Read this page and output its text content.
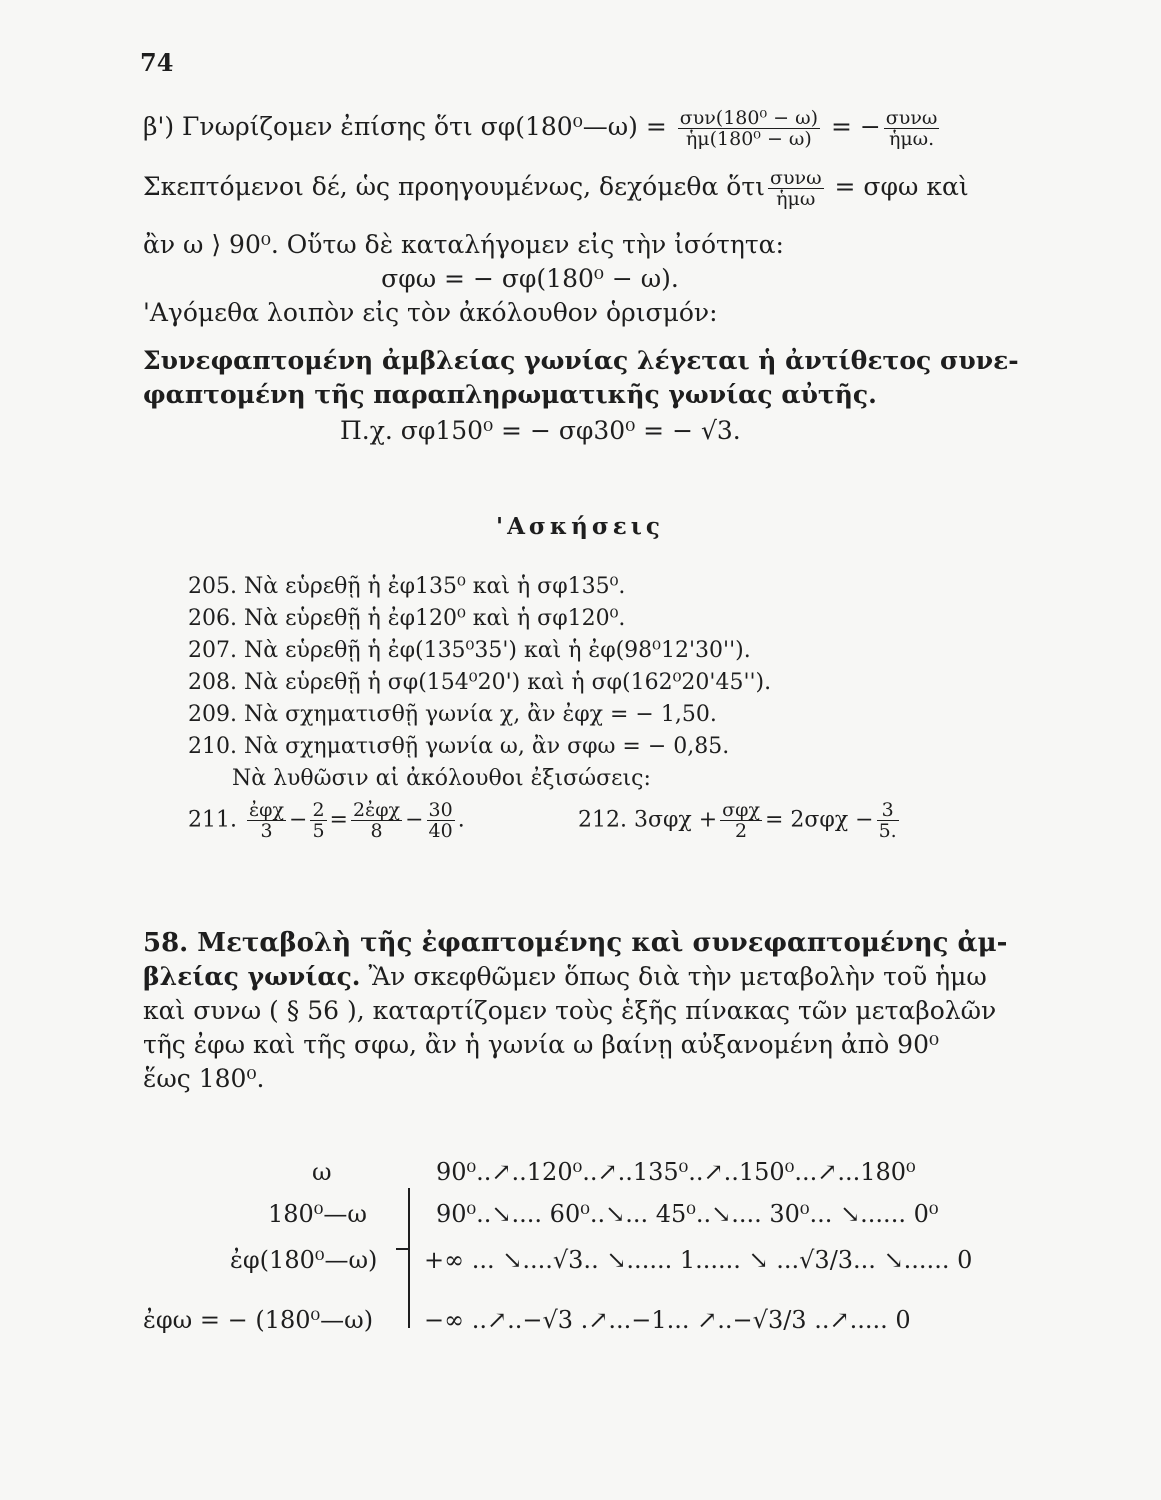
74
β') Γνωρίζομεν ἐπίσης ὅτι σφ(180⁰—ω) = $\frac{\text{συν(180⁰ − ω)}}{\text{ἡμ(180⁰ − ω)}}$ = − $\frac{\text{συνω}}{\text{ἡμω.}}$
Σκεπτόμενοι δέ, ὡς προηγουμένως, δεχόμεθα ὅτι $\frac{\text{συνω}}{\text{ἡμω}} = \sigma\varphi\omega$ καὶ
ἂν ω ⟩ 90⁰. Οὕτω δὲ καταλήγομεν εἰς τὴν ἰσότητα:
σφω = − σφ(180⁰ − ω).
'Αγόμεθα λοιπὸν εἰς τὸν ἀκόλουθον ὁρισμόν:
Συνεφαπτομένη ἀμβλείας γωνίας λέγεται ἡ ἀντίθετος συνε-
φαπτομένη τῆς παραπληρωματικῆς γωνίας αὐτῆς.
Π.χ. σφ150⁰ = − σφ30⁰ = − √3.
'Ασκήσεις
205. Νὰ εὑρεθῇ ἡ ἐφ135⁰ καὶ ἡ σφ135⁰.
206. Νὰ εὑρεθῇ ἡ ἐφ120⁰ καὶ ἡ σφ120⁰.
207. Νὰ εὑρεθῇ ἡ ἐφ(135⁰35') καὶ ἡ ἐφ(98⁰12'30'').
208. Νὰ εὑρεθῇ ἡ σφ(154⁰20') καὶ ἡ σφ(162⁰20'45'').
209. Νὰ σχηματισθῇ γωνία χ, ἂν ἐφχ = − 1,50.
210. Νὰ σχηματισθῇ γωνία ω, ἂν σφω = − 0,85.
Νὰ λυθῶσιν αἱ ἀκόλουθοι ἐξισώσεις:
211. $\frac{\text{ἐφχ}}{3} - \frac{2}{5} = \frac{\text{2ἐφχ}}{8} - \frac{30}{40}$ .	212. $3\sigma\varphi\chi + \frac{\text{σφχ}}{2} = 2\sigma\varphi\chi - \frac{3}{5.}$
58. Μεταβολὴ τῆς ἐφαπτομένης καὶ συνεφαπτομένης ἀμ-
βλείας γωνίας. Ἂν σκεφθῶμεν ὅπως διὰ τὴν μεταβολὴν τοῦ ἡμω
καὶ συνω ( § 56 ), καταρτίζομεν τοὺς ἑξῆς πίνακας τῶν μεταβολῶν
τῆς ἐφω καὶ τῆς σφω, ἂν ἡ γωνία ω βαίνῃ αὐξανομένη ἀπὸ 90⁰
ἕως 180⁰.
ω	90⁰..↗..120⁰..↗..135⁰..↗..150⁰...↗...180⁰
180⁰—ω	90⁰..↘.... 60⁰..↘... 45⁰..↘.... 30⁰... ↘...... 0⁰
ἐφ(180⁰—ω) +∞ ... ↘....√3.. ↘...... 1...... ↘ ...√3/3... ↘...... 0
ἐφω = − (180⁰—ω) −∞ ..↗..−√3 .↗...−1... ↗..−√3/3 ..↗..... 0
